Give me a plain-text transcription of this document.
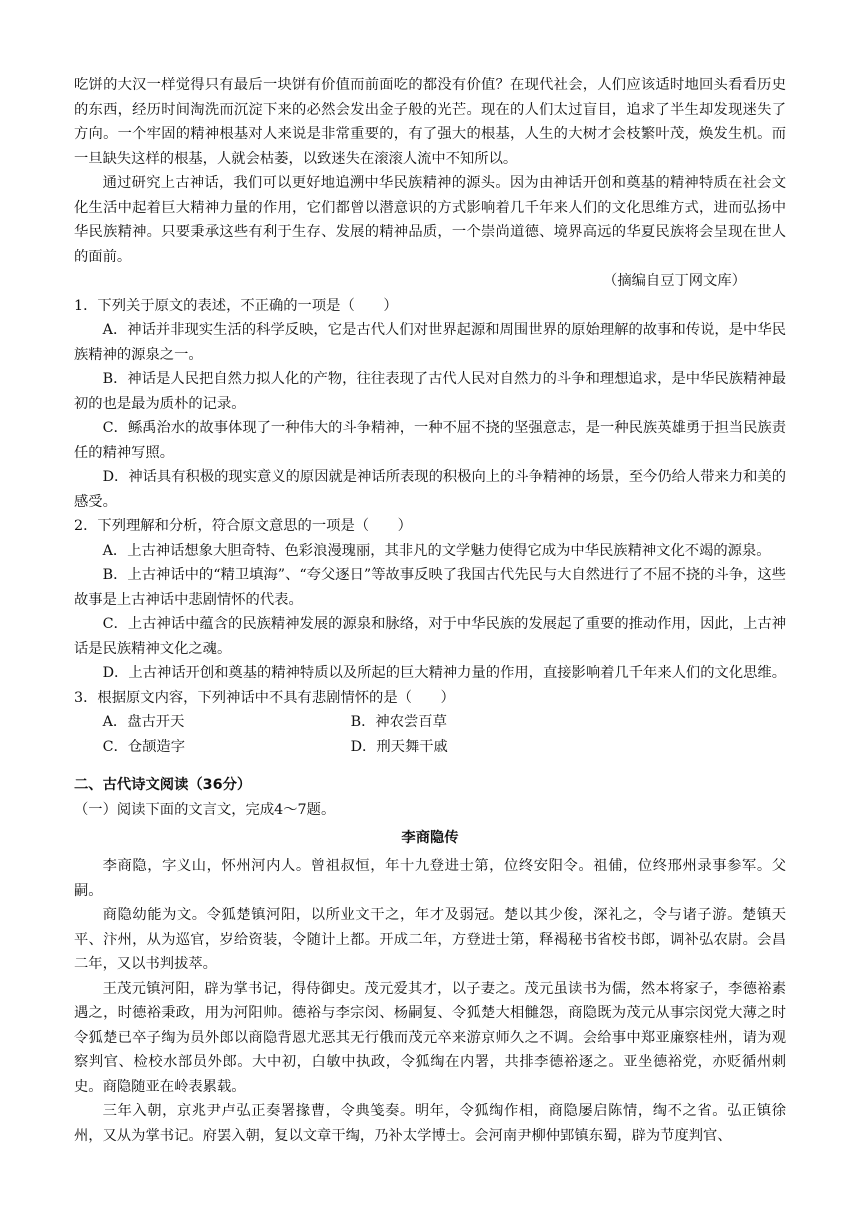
吃饼的大汉一样觉得只有最后一块饼有价值而前面吃的都没有价值？在现代社会，人们应该适时地回头看看历史的东西，经历时间淘洗而沉淀下来的必然会发出金子般的光芒。现在的人们太过盲目，追求了半生却发现迷失了方向。一个牢固的精神根基对人来说是非常重要的，有了强大的根基，人生的大树才会枝繁叶茂，焕发生机。而一旦缺失这样的根基，人就会枯萎，以致迷失在滚滚人流中不知所以。

通过研究上古神话，我们可以更好地追溯中华民族精神的源头。因为由神话开创和奠基的精神特质在社会文化生活中起着巨大精神力量的作用，它们都曾以潜意识的方式影响着几千年来人们的文化思维方式，进而弘扬中华民族精神。只要秉承这些有利于生存、发展的精神品质，一个崇尚道德、境界高远的华夏民族将会呈现在世人的面前。

（摘编自豆丁网文库）

1．下列关于原文的表述，不正确的一项是（　　）

A．神话并非现实生活的科学反映，它是古代人们对世界起源和周围世界的原始理解的故事和传说，是中华民族精神的源泉之一。

B．神话是人民把自然力拟人化的产物，往往表现了古代人民对自然力的斗争和理想追求，是中华民族精神最初的也是最为质朴的记录。

C．鲧禹治水的故事体现了一种伟大的斗争精神，一种不屈不挠的坚强意志，是一种民族英雄勇于担当民族责任的精神写照。

D．神话具有积极的现实意义的原因就是神话所表现的积极向上的斗争精神的场景，至今仍给人带来力和美的感受。

2．下列理解和分析，符合原文意思的一项是（　　）

A．上古神话想象大胆奇特、色彩浪漫瑰丽，其非凡的文学魅力使得它成为中华民族精神文化不竭的源泉。

B．上古神话中的“精卫填海”、“夸父逐日”等故事反映了我国古代先民与大自然进行了不屈不挠的斗争，这些故事是上古神话中悲剧情怀的代表。

C．上古神话中蕴含的民族精神发展的源泉和脉络，对于中华民族的发展起了重要的推动作用，因此，上古神话是民族精神文化之魂。

D．上古神话开创和奠基的精神特质以及所起的巨大精神力量的作用，直接影响着几千年来人们的文化思维。

3．根据原文内容，下列神话中不具有悲剧情怀的是（　　）

A．盘古开天	B．神农尝百草
C．仓颉造字	D．刑天舞干戚

二、古代诗文阅读（36分）

（一）阅读下面的文言文，完成4～7题。

李商隐传

李商隐，字义山，怀州河内人。曾祖叔恒，年十九登进士第，位终安阳令。祖俌，位终邢州录事参军。父嗣。

商隐幼能为文。令狐楚镇河阳，以所业文干之，年才及弱冠。楚以其少俊，深礼之，令与诸子游。楚镇天平、汴州，从为巡官，岁给资装，令随计上都。开成二年，方登进士第，释褐秘书省校书郎，调补弘农尉。会昌二年，又以书判拔萃。

王茂元镇河阳，辟为掌书记，得侍御史。茂元爱其才，以子妻之。茂元虽读书为儒，然本将家子，李德裕素遇之，时德裕秉政，用为河阳帅。德裕与李宗闵、杨嗣复、令狐楚大相雠怨，商隐既为茂元从事宗闵党大薄之时令狐楚已卒子绹为员外郎以商隐背恩尤恶其无行俄而茂元卒来游京师久之不调。会给事中郑亚廉察桂州，请为观察判官、检校水部员外郎。大中初，白敏中执政，令狐绹在内署，共排李德裕逐之。亚坐德裕党，亦贬循州刺史。商隐随亚在岭表累载。

三年入朝，京兆尹卢弘正奏署掾曹，令典笺奏。明年，令狐绹作相，商隐屡启陈情，绹不之省。弘正镇徐州，又从为掌书记。府罢入朝，复以文章干绹，乃补太学博士。会河南尹柳仲郢镇东蜀，辟为节度判官、
